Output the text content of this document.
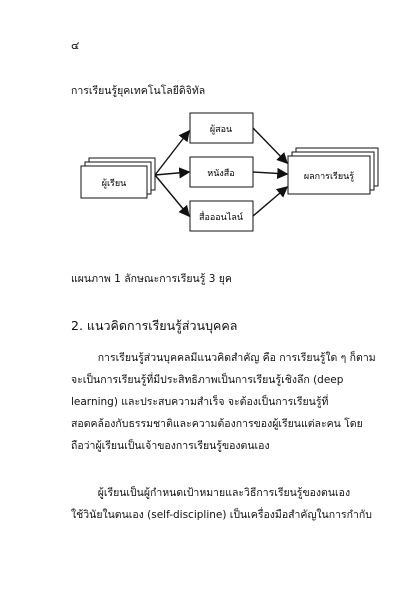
๔
การเรียนรู้ยุคเทคโนโลยีดิจิทัล
ผู้เรียน
ผู้สอน
หนังสือ
สื่อออนไลน์
ผลการเรียนรู้
แผนภาพ 1 ลักษณะการเรียนรู้ 3 ยุค
2. แนวคิดการเรียนรู้ส่วนบุคคล
การเรียนรู้ส่วนบุคคลมีแนวคิดสำคัญ คือ การเรียนรู้ใด ๆ ก็ตาม
จะเป็นการเรียนรู้ที่มีประสิทธิภาพเป็นการเรียนรู้เชิงลึก (deep
learning) และประสบความสำเร็จ จะต้องเป็นการเรียนรู้ที่
สอดคล้องกับธรรมชาติและความต้องการของผู้เรียนแต่ละคน โดย
ถือว่าผู้เรียนเป็นเจ้าของการเรียนรู้ของตนเอง
ผู้เรียนเป็นผู้กำหนดเป้าหมายและวิธีการเรียนรู้ของตนเอง
ใช้วินัยในตนเอง (self-discipline) เป็นเครื่องมือสำคัญในการกำกับ
